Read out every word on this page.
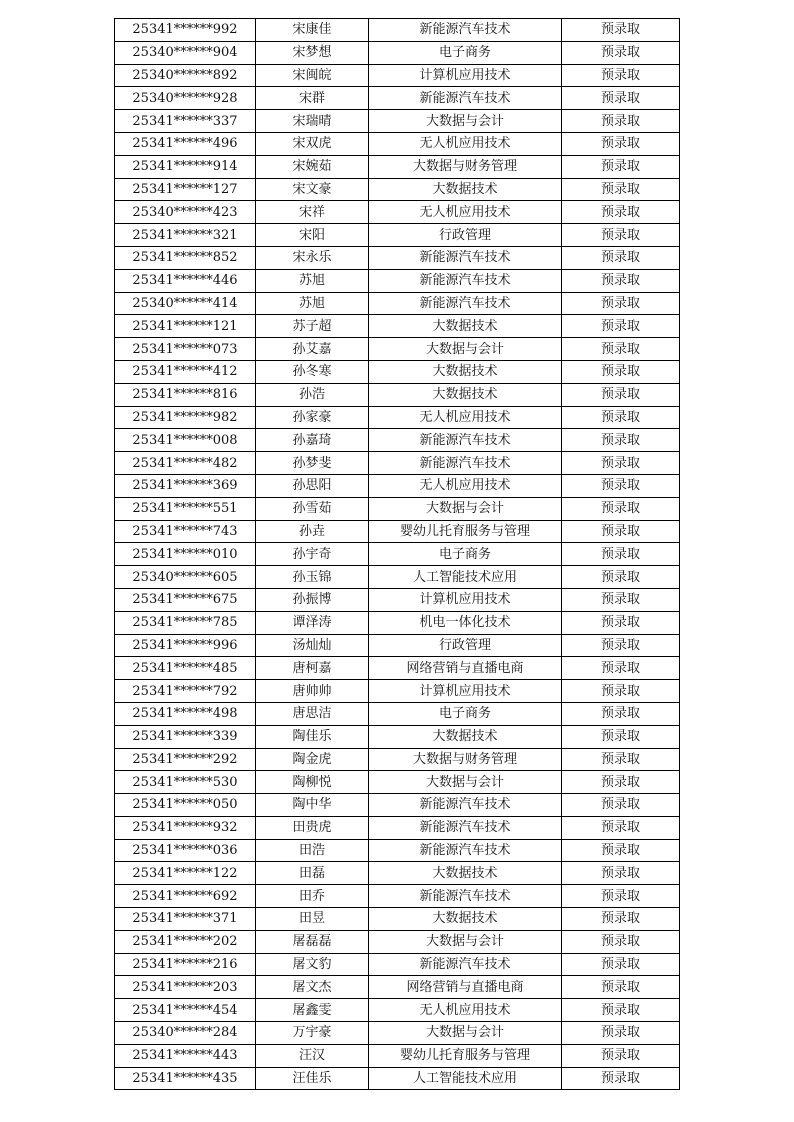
25341******992	宋康佳	新能源汽车技术	预录取
25340******904	宋梦想	电子商务	预录取
25340******892	宋闽皖	计算机应用技术	预录取
25340******928	宋群	新能源汽车技术	预录取
25341******337	宋瑞晴	大数据与会计	预录取
25341******496	宋双虎	无人机应用技术	预录取
25341******914	宋婉茹	大数据与财务管理	预录取
25341******127	宋文豪	大数据技术	预录取
25340******423	宋祥	无人机应用技术	预录取
25341******321	宋阳	行政管理	预录取
25341******852	宋永乐	新能源汽车技术	预录取
25341******446	苏旭	新能源汽车技术	预录取
25340******414	苏旭	新能源汽车技术	预录取
25341******121	苏子超	大数据技术	预录取
25341******073	孙艾嘉	大数据与会计	预录取
25341******412	孙冬寒	大数据技术	预录取
25341******816	孙浩	大数据技术	预录取
25341******982	孙家豪	无人机应用技术	预录取
25341******008	孙嘉琦	新能源汽车技术	预录取
25341******482	孙梦斐	新能源汽车技术	预录取
25341******369	孙思阳	无人机应用技术	预录取
25341******551	孙雪茹	大数据与会计	预录取
25341******743	孙垚	婴幼儿托育服务与管理	预录取
25341******010	孙宇奇	电子商务	预录取
25340******605	孙玉锦	人工智能技术应用	预录取
25341******675	孙振博	计算机应用技术	预录取
25341******785	谭泽涛	机电一体化技术	预录取
25341******996	汤灿灿	行政管理	预录取
25341******485	唐柯嘉	网络营销与直播电商	预录取
25341******792	唐帅帅	计算机应用技术	预录取
25341******498	唐思洁	电子商务	预录取
25341******339	陶佳乐	大数据技术	预录取
25341******292	陶金虎	大数据与财务管理	预录取
25341******530	陶柳悦	大数据与会计	预录取
25341******050	陶中华	新能源汽车技术	预录取
25341******932	田贵虎	新能源汽车技术	预录取
25341******036	田浩	新能源汽车技术	预录取
25341******122	田磊	大数据技术	预录取
25341******692	田乔	新能源汽车技术	预录取
25341******371	田昱	大数据技术	预录取
25341******202	屠磊磊	大数据与会计	预录取
25341******216	屠文豹	新能源汽车技术	预录取
25341******203	屠文杰	网络营销与直播电商	预录取
25341******454	屠鑫雯	无人机应用技术	预录取
25340******284	万宇豪	大数据与会计	预录取
25341******443	汪汉	婴幼儿托育服务与管理	预录取
25341******435	汪佳乐	人工智能技术应用	预录取
